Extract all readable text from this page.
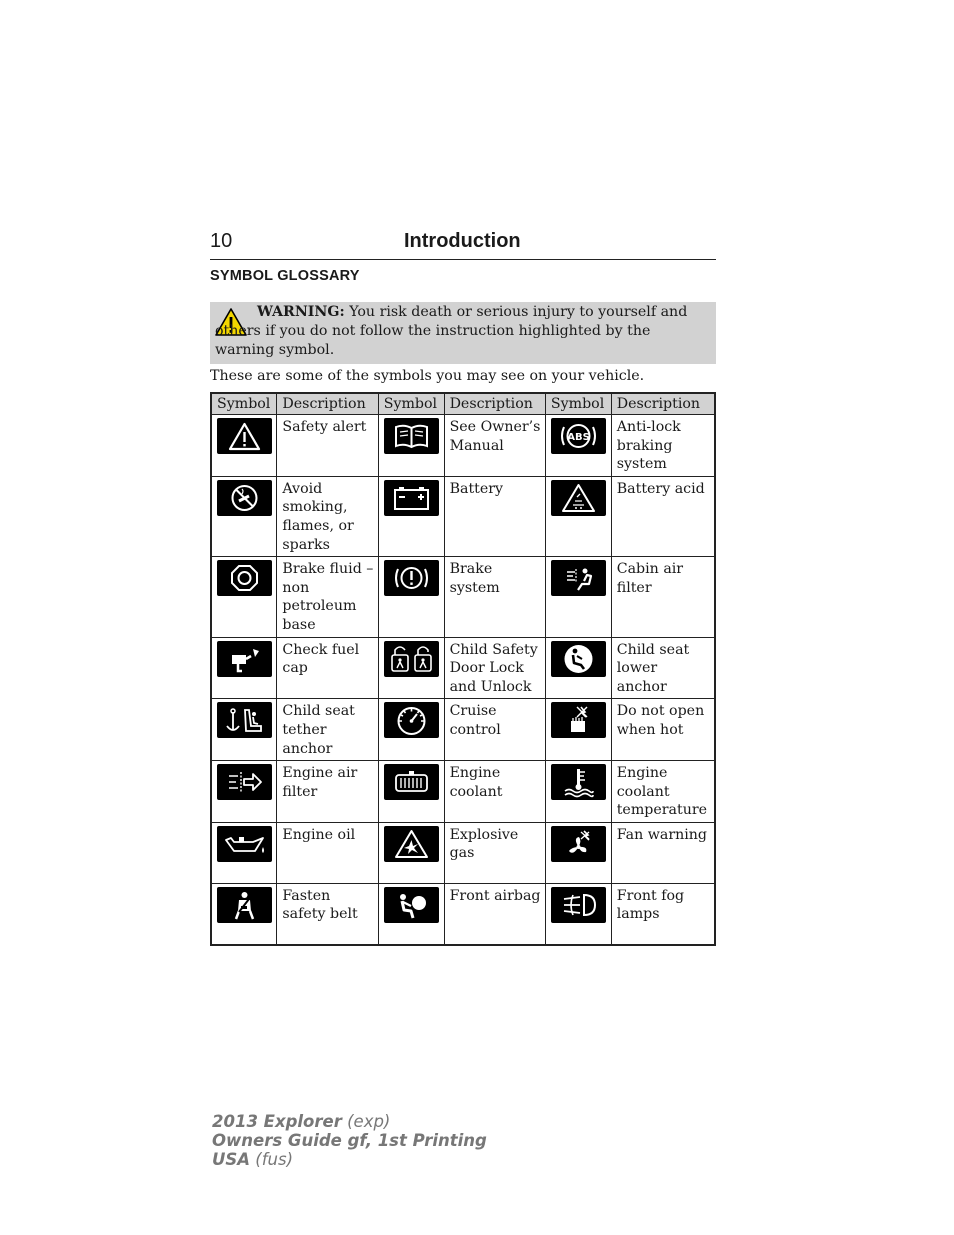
10	Introduction
SYMBOL GLOSSARY
WARNING: You risk death or serious injury to yourself and others if you do not follow the instruction highlighted by the warning symbol.
These are some of the symbols you may see on your vehicle.
Symbol	Description	Symbol	Description	Symbol	Description

	Safety alert		See Owner’s Manual	ABS	Anti-lock braking system

	Avoid smoking, flames, or sparks		Battery		Battery acid

	Brake fluid – non petroleum base		Brake system		Cabin air filter

	Check fuel cap		Child Safety Door Lock and Unlock		Child seat lower anchor

	Child seat tether anchor		Cruise control		Do not open when hot

	Engine air filter		Engine coolant		Engine coolant temperature

	Engine oil		Explosive gas		Fan warning

	Fasten safety belt		Front airbag		Front fog lamps
2013 Explorer (exp)
Owners Guide gf, 1st Printing
USA (fus)
